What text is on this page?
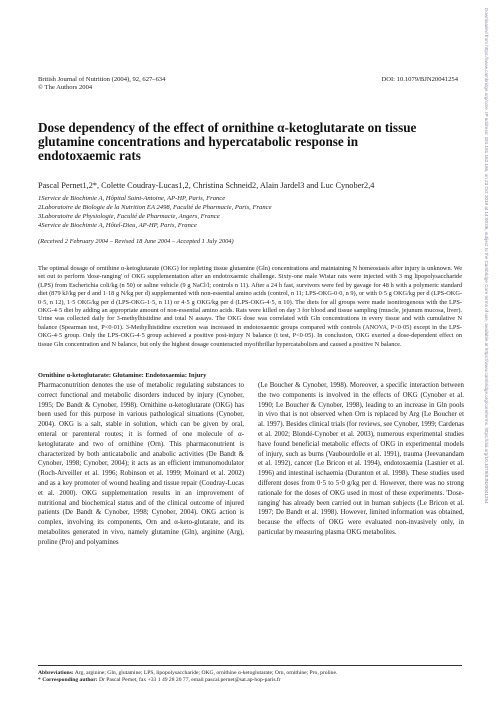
British Journal of Nutrition (2004), 92, 627–634	DOI: 10.1079/BJN20041254
© The Authors 2004
Dose dependency of the effect of ornithine α-ketoglutarate on tissue glutamine concentrations and hypercatabolic response in endotoxaemic rats
Pascal Pernet1,2*, Colette Coudray-Lucas1,2, Christina Schneid2, Alain Jardel3 and Luc Cynober2,4
1Service de Biochimie A, Hôpital Saint-Antoine, AP-HP, Paris, France
2Laboratoire de Biologie de la Nutrition EA 2498, Faculté de Pharmacie, Paris, France
3Laboratoire de Physiologie, Faculté de Pharmacie, Angers, France
4Service de Biochimie A, Hôtel-Dieu, AP-HP, Paris, France
(Received 2 February 2004 – Revised 18 June 2004 – Accepted 1 July 2004)
The optimal dosage of ornithine α-ketoglutarate (OKG) for repleting tissue glutamine (Gln) concentrations and maintaining N homeostasis after injury is unknown. We set out to perform 'dose-ranging' of OKG supplementation after an endotoxaemic challenge. Sixty-one male Wistar rats were injected with 3 mg lipopolysaccharide (LPS) from Escherichia coli/kg (n 50) or saline vehicle (9 g NaCl/l; controls n 11). After a 24 h fast, survivors were fed by gavage for 48 h with a polymeric standard diet (879 kJ/kg per d and 1·18 g N/kg per d) supplemented with non-essential amino acids (control, n 11; LPS-OKG-0·0, n 9), or with 0·5 g OKG/kg per d (LPS-OKG-0·5, n 12), 1·5 OKG/kg per d (LPS-OKG-1·5, n 11) or 4·5 g OKG/kg per d (LPS-OKG-4·5, n 10). The diets for all groups were made isonitrogenous with the LPS-OKG-4·5 diet by adding an appropriate amount of non-essential amino acids. Rats were killed on day 3 for blood and tissue sampling (muscle, jejunum mucosa, liver). Urine was collected daily for 3-methylhistidine and total N assays. The OKG dose was correlated with Gln concentrations in every tissue and with cumulative N balance (Spearman test, P<0·01). 3-Methylhistidine excretion was increased in endotoxaemic groups compared with controls (ANOVA, P<0·05) except in the LPS-OKG-4·5 group. Only the LPS-OKG-4·5 group achieved a positive post-injury N balance (t test, P<0·05). In conclusion, OKG exerted a dose-dependent effect on tissue Gln concentration and N balance, but only the highest dosage counteracted myofibrillar hypercatabolism and caused a positive N balance.
Ornithine α-ketoglutarate: Glutamine: Endotoxaemia: Injury
Pharmaconutrition denotes the use of metabolic regulating substances to correct functional and metabolic disorders induced by injury (Cynober, 1995; De Bandt & Cynober, 1998). Ornithine α-ketoglutarate (OKG) has been used for this purpose in various pathological situations (Cynober, 2004). OKG is a salt, stable in solution, which can be given by oral, enteral or parenteral routes; it is formed of one molecule of α-ketoglutarate and two of ornithine (Orn). This pharmaconutrient is characterized by both anticatabolic and anabolic activities (De Bandt & Cynober, 1998; Cynober, 2004); it acts as an efficient immunomodulator (Roch-Arveiller et al. 1996; Robinson et al. 1999; Moinard et al. 2002) and as a key promoter of wound healing and tissue repair (Coudray-Lucas et al. 2000). OKG supplementation results in an improvement of nutritional and biochemical status and of the clinical outcome of injured patients (De Bandt & Cynober, 1998; Cynober, 2004). OKG action is complex, involving its components, Orn and α-keto-glutarate, and its metabolites generated in vivo, namely glutamine (Gln), arginine (Arg), proline (Pro) and polyamines
(Le Boucher & Cynober, 1998). Moreover, a specific interaction between the two components is involved in the effects of OKG (Cynober et al. 1990; Le Boucher & Cynober, 1998), leading to an increase in Gln pools in vivo that is not observed when Orn is replaced by Arg (Le Boucher et al. 1997). Besides clinical trials (for reviews, see Cynober, 1999; Cardenas et al. 2002; Blondé-Cynober et al. 2003), numerous experimental studies have found beneficial metabolic effects of OKG in experimental models of injury, such as burns (Vaubourdolle et al. 1991), trauma (Jeevanandam et al. 1992), cancer (Le Bricon et al. 1994), endotoxaemia (Lasnier et al. 1996) and intestinal ischaemia (Duranton et al. 1998). These studies used different doses from 0·5 to 5·0 g/kg per d. However, there was no strong rationale for the doses of OKG used in most of these experiments. 'Dose-ranging' has already been carried out in human subjects (Le Bricon et al. 1997; De Bandt et al. 1998). However, limited information was obtained, because the effects of OKG were evaluated non-invasively only, in particular by measuring plasma OKG metabolites.
Abbreviations: Arg, arginine; Gln, glutamine; LPS, lipopolysaccharide; OKG, ornithine α-ketoglutarate; Orn, ornithine; Pro, proline.
* Corresponding author: Dr Pascal Pernet, fax +33 1 49 28 20 77, email pascal.pernet@sat.ap-hop-paris.fr
Downloaded from https://www.cambridge.org/core. IP address: 181.181.162.165, on 23 Oct 2019 at 14:09:06, subject to the Cambridge Core terms of use, available at https://www.cambridge.org/core/terms. https://doi.org/10.1079/BJN20041254
